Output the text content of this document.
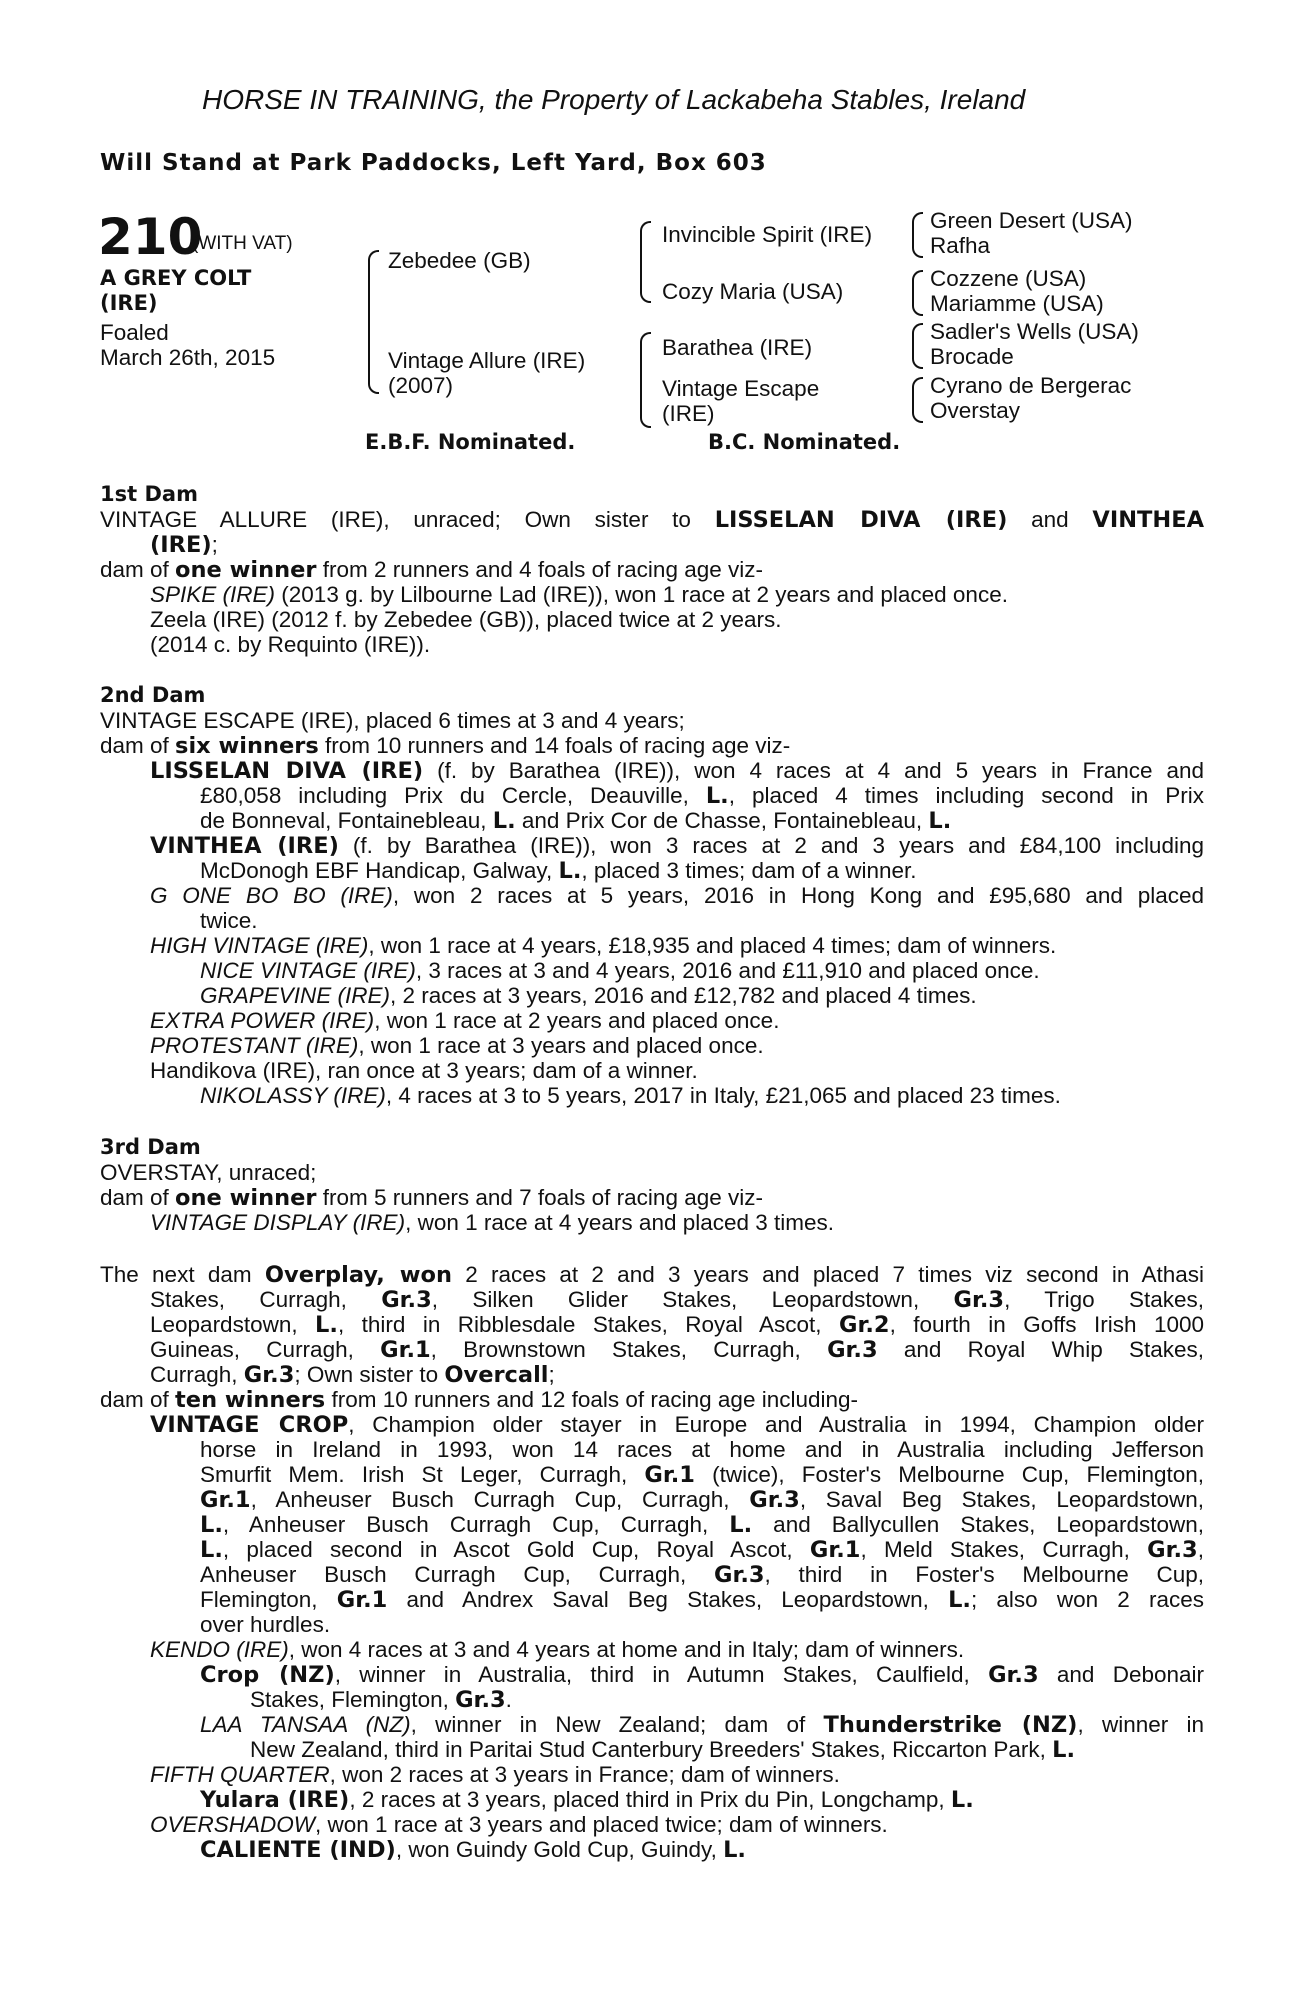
HORSE IN TRAINING, the Property of Lackabeha Stables, Ireland
Will Stand at Park Paddocks, Left Yard, Box 603
210
(WITH VAT)
A GREY COLT
(IRE)
Foaled
March 26th, 2015
Zebedee (GB)
Vintage Allure (IRE)
(2007)
Invincible Spirit (IRE)
Cozy Maria (USA)
Barathea (IRE)
Vintage Escape
(IRE)
Green Desert (USA)
Rafha
Cozzene (USA)
Mariamme (USA)
Sadler's Wells (USA)
Brocade
Cyrano de Bergerac
Overstay
E.B.F. Nominated.	B.C. Nominated.
1st Dam
VINTAGE ALLURE (IRE), unraced; Own sister to LISSELAN DIVA (IRE) and VINTHEA
(IRE);
dam of one winner from 2 runners and 4 foals of racing age viz-
SPIKE (IRE) (2013 g. by Lilbourne Lad (IRE)), won 1 race at 2 years and placed once.
Zeela (IRE) (2012 f. by Zebedee (GB)), placed twice at 2 years.
(2014 c. by Requinto (IRE)).
2nd Dam
VINTAGE ESCAPE (IRE), placed 6 times at 3 and 4 years;
dam of six winners from 10 runners and 14 foals of racing age viz-
LISSELAN DIVA (IRE) (f. by Barathea (IRE)), won 4 races at 4 and 5 years in France and
£80,058 including Prix du Cercle, Deauville, L., placed 4 times including second in Prix
de Bonneval, Fontainebleau, L. and Prix Cor de Chasse, Fontainebleau, L.
VINTHEA (IRE) (f. by Barathea (IRE)), won 3 races at 2 and 3 years and £84,100 including
McDonogh EBF Handicap, Galway, L., placed 3 times; dam of a winner.
G ONE BO BO (IRE), won 2 races at 5 years, 2016 in Hong Kong and £95,680 and placed
twice.
HIGH VINTAGE (IRE), won 1 race at 4 years, £18,935 and placed 4 times; dam of winners.
NICE VINTAGE (IRE), 3 races at 3 and 4 years, 2016 and £11,910 and placed once.
GRAPEVINE (IRE), 2 races at 3 years, 2016 and £12,782 and placed 4 times.
EXTRA POWER (IRE), won 1 race at 2 years and placed once.
PROTESTANT (IRE), won 1 race at 3 years and placed once.
Handikova (IRE), ran once at 3 years; dam of a winner.
NIKOLASSY (IRE), 4 races at 3 to 5 years, 2017 in Italy, £21,065 and placed 23 times.
3rd Dam
OVERSTAY, unraced;
dam of one winner from 5 runners and 7 foals of racing age viz-
VINTAGE DISPLAY (IRE), won 1 race at 4 years and placed 3 times.
The next dam Overplay, won 2 races at 2 and 3 years and placed 7 times viz second in Athasi
Stakes, Curragh, Gr.3, Silken Glider Stakes, Leopardstown, Gr.3, Trigo Stakes,
Leopardstown, L., third in Ribblesdale Stakes, Royal Ascot, Gr.2, fourth in Goffs Irish 1000
Guineas, Curragh, Gr.1, Brownstown Stakes, Curragh, Gr.3 and Royal Whip Stakes,
Curragh, Gr.3; Own sister to Overcall;
dam of ten winners from 10 runners and 12 foals of racing age including-
VINTAGE CROP, Champion older stayer in Europe and Australia in 1994, Champion older
horse in Ireland in 1993, won 14 races at home and in Australia including Jefferson
Smurfit Mem. Irish St Leger, Curragh, Gr.1 (twice), Foster's Melbourne Cup, Flemington,
Gr.1, Anheuser Busch Curragh Cup, Curragh, Gr.3, Saval Beg Stakes, Leopardstown,
L., Anheuser Busch Curragh Cup, Curragh, L. and Ballycullen Stakes, Leopardstown,
L., placed second in Ascot Gold Cup, Royal Ascot, Gr.1, Meld Stakes, Curragh, Gr.3,
Anheuser Busch Curragh Cup, Curragh, Gr.3, third in Foster's Melbourne Cup,
Flemington, Gr.1 and Andrex Saval Beg Stakes, Leopardstown, L.; also won 2 races
over hurdles.
KENDO (IRE), won 4 races at 3 and 4 years at home and in Italy; dam of winners.
Crop (NZ), winner in Australia, third in Autumn Stakes, Caulfield, Gr.3 and Debonair
Stakes, Flemington, Gr.3.
LAA TANSAA (NZ), winner in New Zealand; dam of Thunderstrike (NZ), winner in
New Zealand, third in Paritai Stud Canterbury Breeders' Stakes, Riccarton Park, L.
FIFTH QUARTER, won 2 races at 3 years in France; dam of winners.
Yulara (IRE), 2 races at 3 years, placed third in Prix du Pin, Longchamp, L.
OVERSHADOW, won 1 race at 3 years and placed twice; dam of winners.
CALIENTE (IND), won Guindy Gold Cup, Guindy, L.
